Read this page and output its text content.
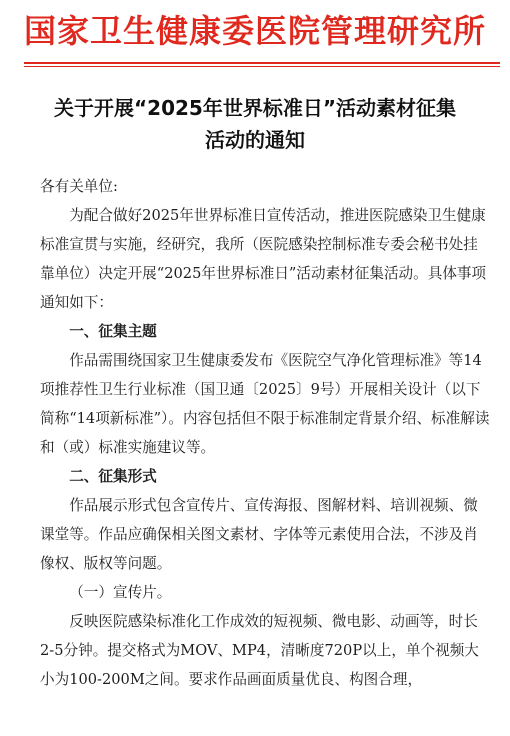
国家卫生健康委医院管理研究所
关于开展“2025年世界标准日”活动素材征集
活动的通知

各有关单位:

为配合做好2025年世界标准日宣传活动，推进医院感染卫生健康标准宣贯与实施，经研究，我所（医院感染控制标准专委会秘书处挂靠单位）决定开展“2025年世界标准日”活动素材征集活动。具体事项通知如下：

一、征集主题

作品需围绕国家卫生健康委发布《医院空气净化管理标准》等14项推荐性卫生行业标准（国卫通〔2025〕9号）开展相关设计（以下简称“14项新标准”）。内容包括但不限于标准制定背景介绍、标准解读和（或）标准实施建议等。

二、征集形式

作品展示形式包含宣传片、宣传海报、图解材料、培训视频、微课堂等。作品应确保相关图文素材、字体等元素使用合法，不涉及肖像权、版权等问题。

（一）宣传片。

反映医院感染标准化工作成效的短视频、微电影、动画等，时长2-5分钟。提交格式为MOV、MP4，清晰度720P以上，单个视频大小为100-200M之间。要求作品画面质量优良、构图合理，
